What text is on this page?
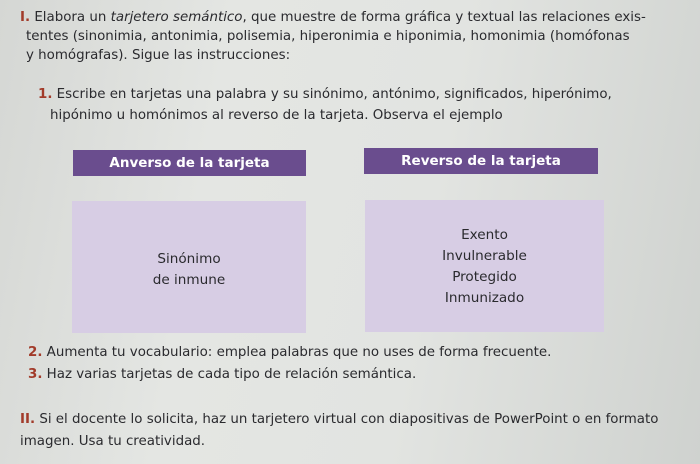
I. Elabora un tarjetero semántico, que muestre de forma gráfica y textual las relaciones exis-
tentes (sinonimia, antonimia, polisemia, hiperonimia e hiponimia, homonimia (homófonas
y homógrafas). Sigue las instrucciones:
1. Escribe en tarjetas una palabra y su sinónimo, antónimo, significados, hiperónimo,
hipónimo u homónimos al reverso de la tarjeta. Observa el ejemplo
Anverso de la tarjeta	Reverso de la tarjeta
Sinónimo
de inmune
Exento
Invulnerable
Protegido
Inmunizado
2. Aumenta tu vocabulario: emplea palabras que no uses de forma frecuente.
3. Haz varias tarjetas de cada tipo de relación semántica.
II. Si el docente lo solicita, haz un tarjetero virtual con diapositivas de PowerPoint o en formato
imagen. Usa tu creatividad.
